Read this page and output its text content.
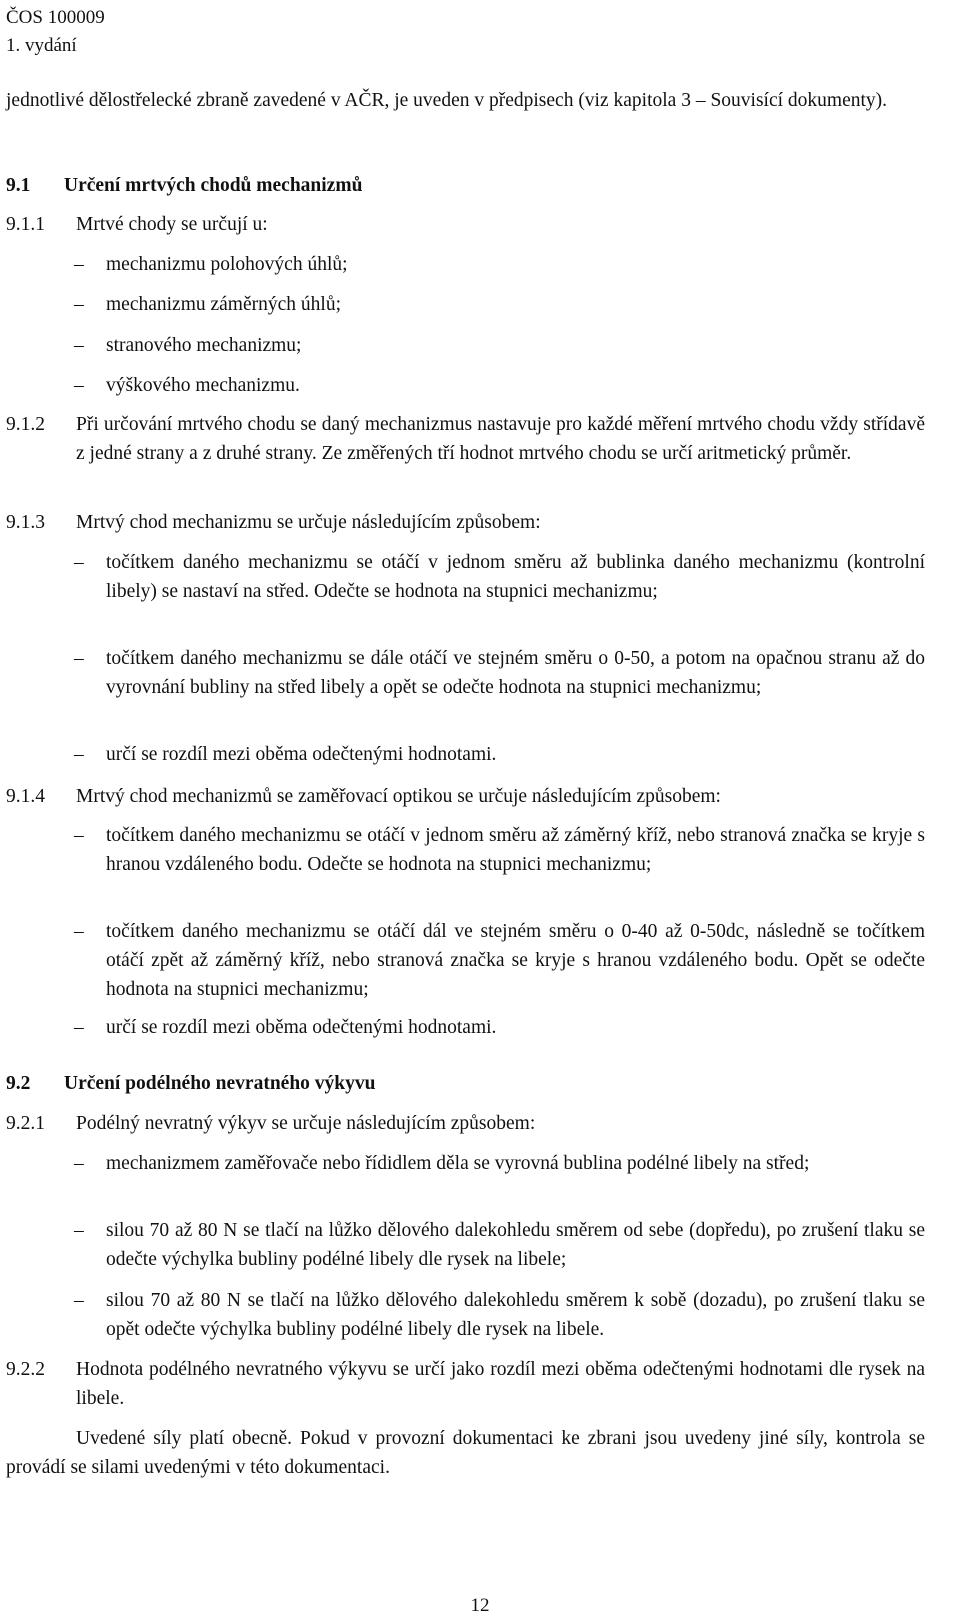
ČOS 100009
1. vydání

jednotlivé dělostřelecké zbraně zavedené v AČR, je uveden v předpisech (viz kapitola 3 – Souvisící dokumenty).

9.1 Určení mrtvých chodů mechanizmů

9.1.1 Mrtvé chody se určují u:

– mechanizmu polohových úhlů;
– mechanizmu záměrných úhlů;
– stranového mechanizmu;
– výškového mechanizmu.

9.1.2 Při určování mrtvého chodu se daný mechanizmus nastavuje pro každé měření mrtvého chodu vždy střídavě z jedné strany a z druhé strany. Ze změřených tří hodnot mrtvého chodu se určí aritmetický průměr.

9.1.3 Mrtvý chod mechanizmu se určuje následujícím způsobem:

– točítkem daného mechanizmu se otáčí v jednom směru až bublinka daného mechanizmu (kontrolní libely) se nastaví na střed. Odečte se hodnota na stupnici mechanizmu;
– točítkem daného mechanizmu se dále otáčí ve stejném směru o 0-50, a potom na opačnou stranu až do vyrovnání bubliny na střed libely a opět se odečte hodnota na stupnici mechanizmu;
– určí se rozdíl mezi oběma odečtenými hodnotami.

9.1.4 Mrtvý chod mechanizmů se zaměřovací optikou se určuje následujícím způsobem:

– točítkem daného mechanizmu se otáčí v jednom směru až záměrný kříž, nebo stranová značka se kryje s hranou vzdáleného bodu. Odečte se hodnota na stupnici mechanizmu;
– točítkem daného mechanizmu se otáčí dál ve stejném směru o 0-40 až 0-50dc, následně se točítkem otáčí zpět až záměrný kříž, nebo stranová značka se kryje s hranou vzdáleného bodu. Opět se odečte hodnota na stupnici mechanizmu;
– určí se rozdíl mezi oběma odečtenými hodnotami.
9.2 Určení podélného nevratného výkyvu

9.2.1 Podélný nevratný výkyv se určuje následujícím způsobem:

– mechanizmem zaměřovače nebo řídidlem děla se vyrovná bublina podélné libely na střed;
– silou 70 až 80 N se tlačí na lůžko dělového dalekohledu směrem od sebe (dopředu), po zrušení tlaku se odečte výchylka bubliny podélné libely dle rysek na libele;
– silou 70 až 80 N se tlačí na lůžko dělového dalekohledu směrem k sobě (dozadu), po zrušení tlaku se opět odečte výchylka bubliny podélné libely dle rysek na libele.

9.2.2 Hodnota podélného nevratného výkyvu se určí jako rozdíl mezi oběma odečtenými hodnotami dle rysek na libele.

Uvedené síly platí obecně. Pokud v provozní dokumentaci ke zbrani jsou uvedeny jiné síly, kontrola se provádí se silami uvedenými v této dokumentaci.

12
